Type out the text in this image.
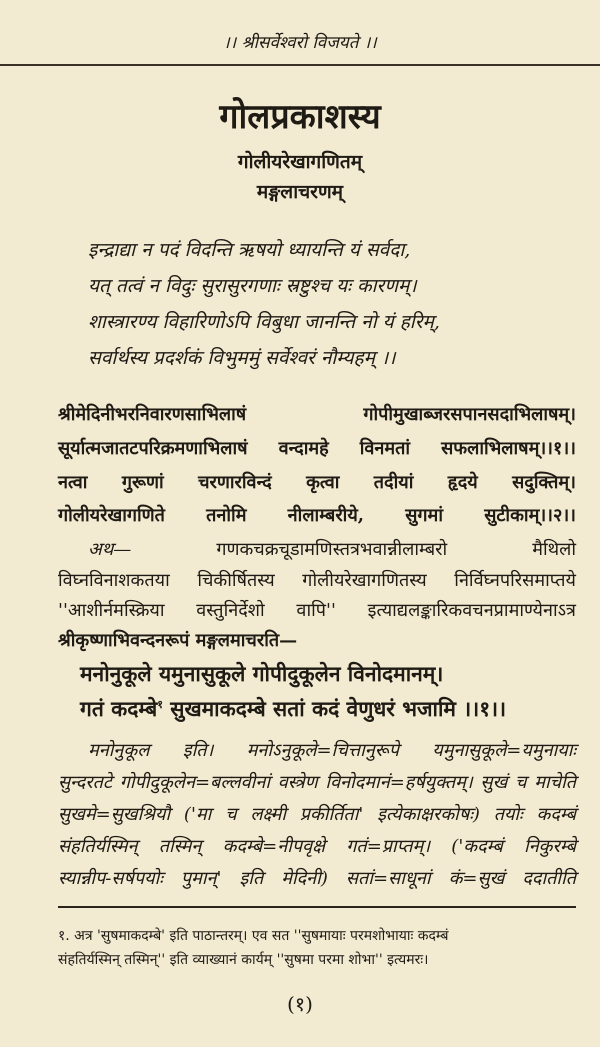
।। श्रीसर्वेश्वरो विजयते ।।
गोलप्रकाशस्य
गोलीयरेखागणितम्
मङ्गलाचरणम्
इन्द्राद्या न पदं विदन्ति ऋषयो ध्यायन्ति यं सर्वदा,
यत् तत्वं न विदुः सुरासुरगणाः स्रष्टुश्च यः कारणम्।
शास्त्रारण्य विहारिणोऽपि विबुधा जानन्ति नो यं हरिम्,
सर्वार्थस्य प्रदर्शकं विभुममुं सर्वेश्वरं नौम्यहम् ।।
श्रीमेदिनीभरनिवारणसाभिलाषं गोपीमुखाब्जरसपानसदाभिलाषम्।
सूर्यात्मजातटपरिक्रमणाभिलाषं वन्दामहे विनमतां सफलाभिलाषम्।।१।।
नत्वा गुरूणां चरणारविन्दं कृत्वा तदीयां हृदये सदुक्तिम्।
गोलीयरेखागणिते तनोमि नीलाम्बरीये, सुगमां सुटीकाम्।।२।।
अथ—	गणकचक्रचूडामणिस्तत्रभवान्नीलाम्बरो मैथिलो
विघ्नविनाशकतया चिकीर्षितस्य गोलीयरेखागणितस्य निर्विघ्नपरिसमाप्तये
''आशीर्नमस्क्रिया वस्तुनिर्देशो वापि'' इत्याद्यलङ्कारिकवचनप्रामाण्येनाऽत्र
श्रीकृष्णाभिवन्दनरूपं मङ्गलमाचरति—
मनोनुकूले यमुनासुकूले गोपीदुकूलेन विनोदमानम्।
गतं कदम्बे$^१$ सुखमाकदम्बे सतां कदं वेणुधरं भजामि ।।१।।
मनोनुकूल इति। मनोऽनुकूले=चित्तानुरूपे यमुनासुकूले=यमुनायाः
सुन्दरतटे गोपीदुकूलेन=बल्लवीनां वस्त्रेण विनोदमानं=हर्षयुक्तम्। सुखं च माचेति
सुखमे=सुखश्रियौ ('मा च लक्ष्मी प्रकीर्तिता' इत्येकाक्षरकोषः) तयोः कदम्बं
संहतिर्यस्मिन् तस्मिन् कदम्बे=नीपवृक्षे गतं=प्राप्तम्। ('कदम्बं निकुरम्बे
स्यान्नीप-सर्षपयोः पुमान्' इति मेदिनी) सतां=साधूनां कं=सुखं ददातीति
१. अत्र 'सुषमाकदम्बे' इति पाठान्तरम्। एव सत ''सुषमायाः परमशोभायाः कदम्बं
संहतिर्यस्मिन् तस्मिन्'' इति व्याख्यानं कार्यम् ''सुषमा परमा शोभा'' इत्यमरः।
(१)
